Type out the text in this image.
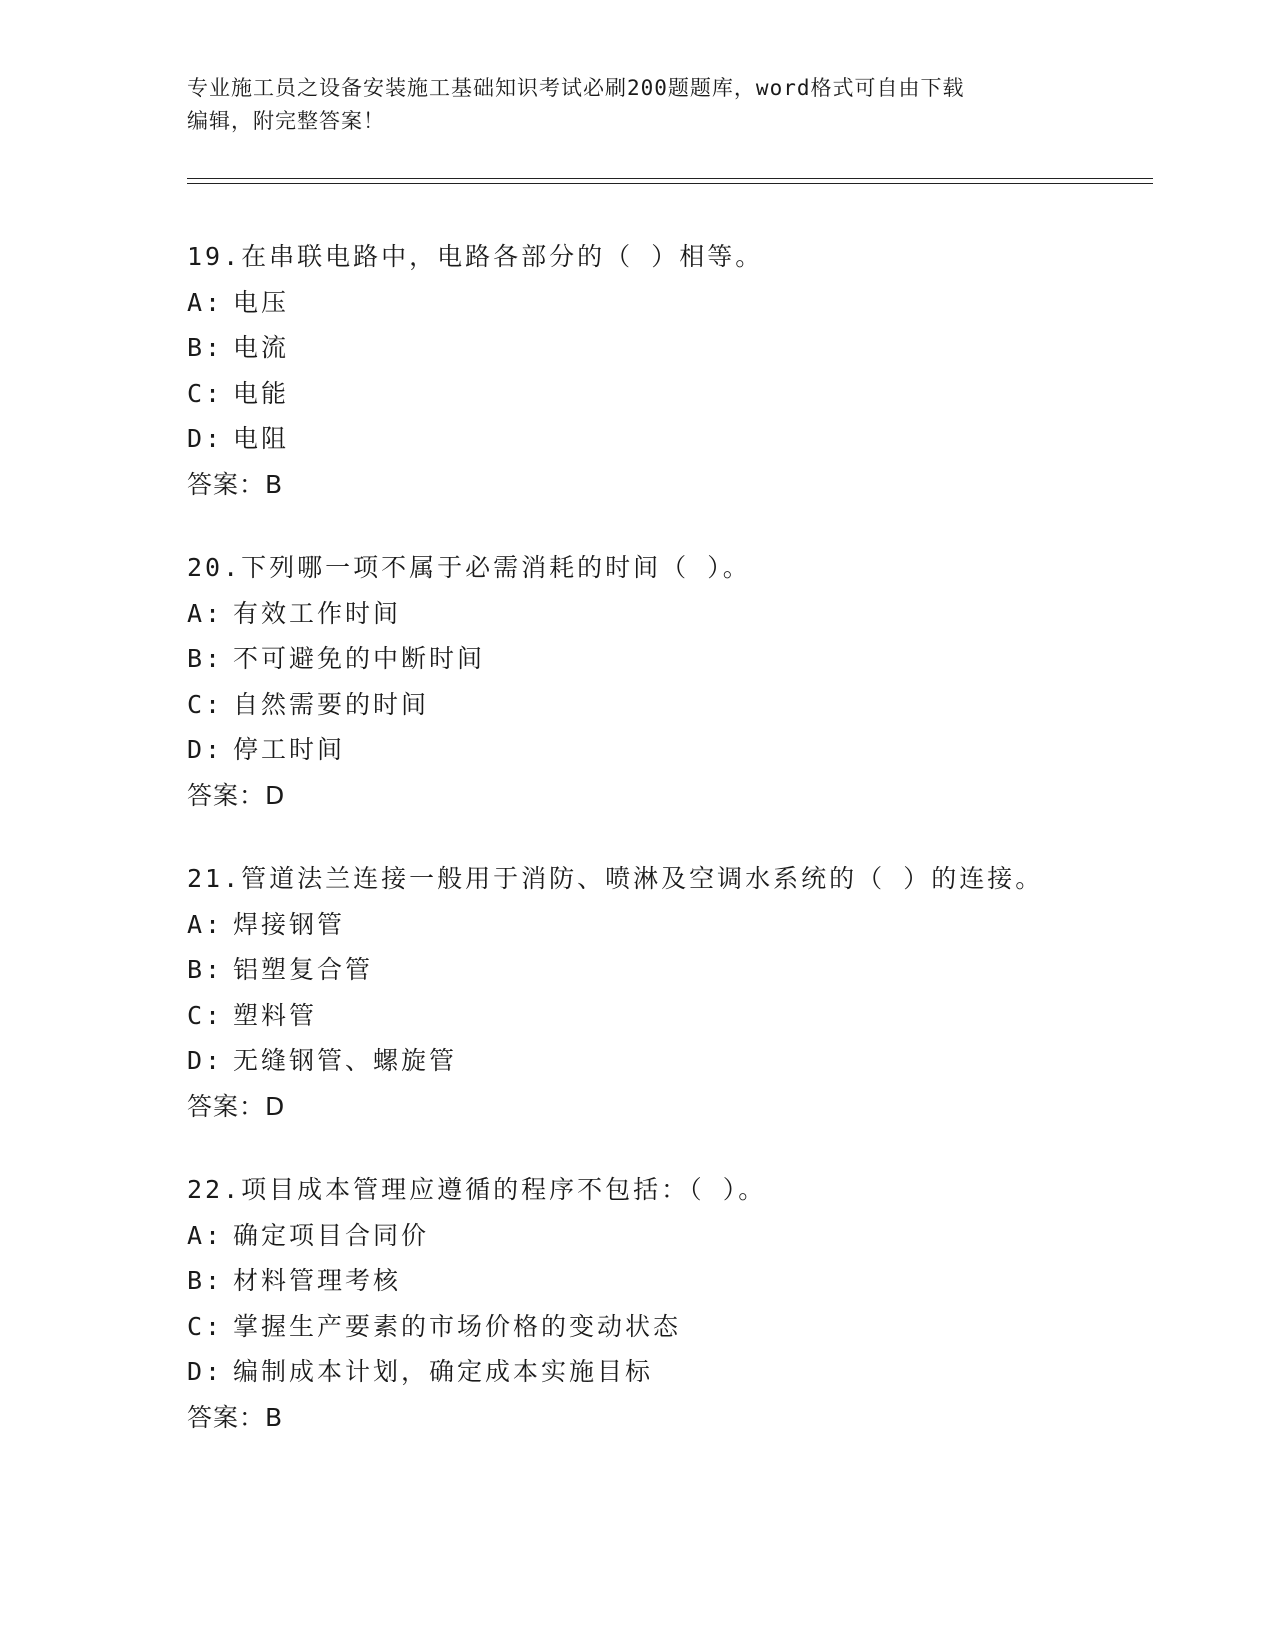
专业施工员之设备安装施工基础知识考试必刷200题题库，word格式可自由下载
编辑，附完整答案！
19.在串联电路中，电路各部分的（ ）相等。
A: 电压
B: 电流
C: 电能
D: 电阻
答案：B
20.下列哪一项不属于必需消耗的时间（ ）。
A: 有效工作时间
B: 不可避免的中断时间
C: 自然需要的时间
D: 停工时间
答案：D
21.管道法兰连接一般用于消防、喷淋及空调水系统的（ ）的连接。
A: 焊接钢管
B: 铝塑复合管
C: 塑料管
D: 无缝钢管、螺旋管
答案：D
22.项目成本管理应遵循的程序不包括：（ ）。
A: 确定项目合同价
B: 材料管理考核
C: 掌握生产要素的市场价格的变动状态
D: 编制成本计划，确定成本实施目标
答案：B
